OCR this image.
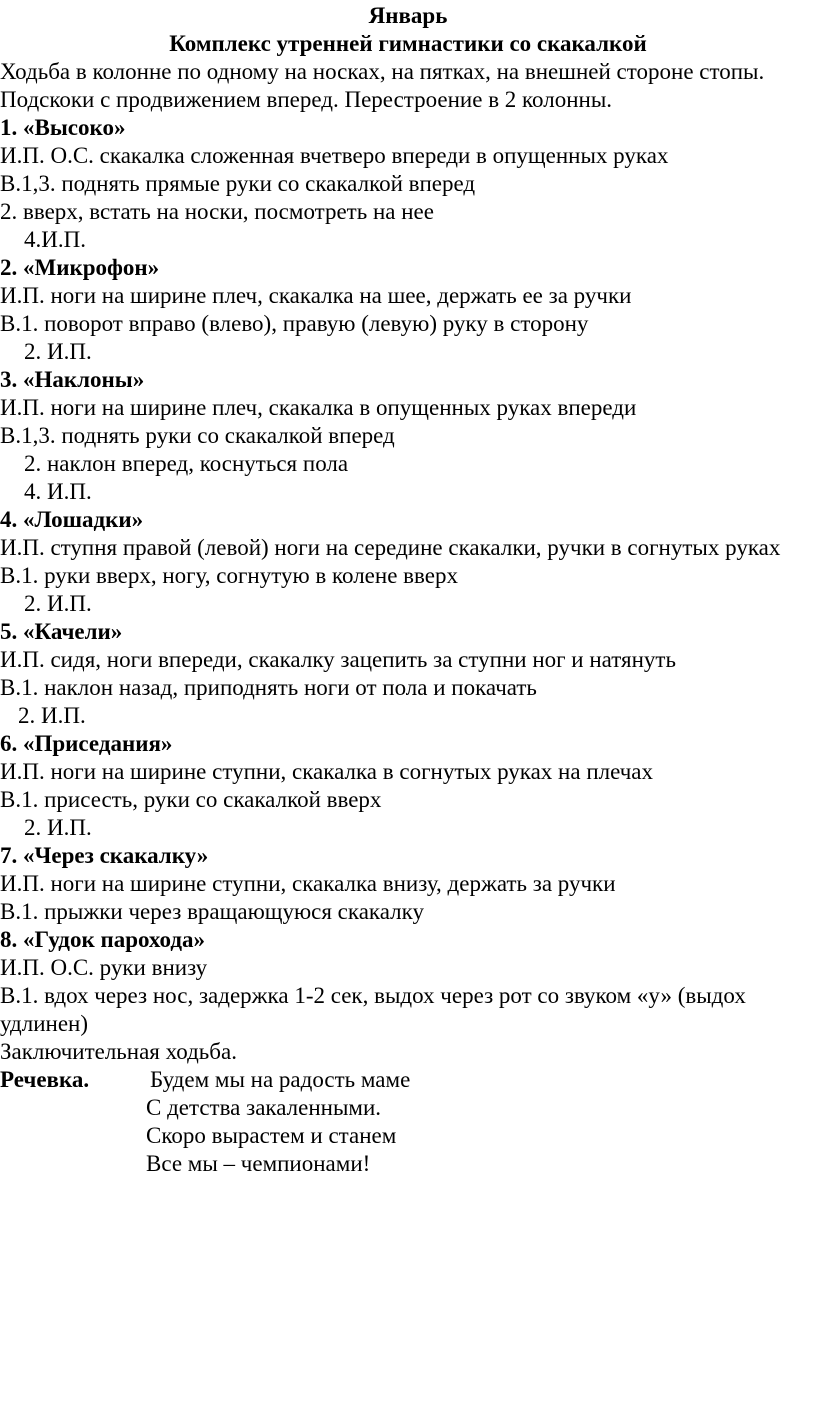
Январь
Комплекс утренней гимнастики со скакалкой
Ходьба в колонне по одному на носках, на пятках, на внешней стороне стопы. Подскоки с продвижением вперед. Перестроение в 2 колонны.
1. «Высоко»
И.П. О.С. скакалка сложенная вчетверо впереди в опущенных руках
В.1,3. поднять прямые руки со скакалкой вперед
2. вверх, встать на носки, посмотреть на нее
4.И.П.
2. «Микрофон»
И.П. ноги на ширине плеч, скакалка на шее, держать ее за ручки
В.1. поворот вправо (влево), правую (левую) руку в сторону
2. И.П.
3. «Наклоны»
И.П. ноги на ширине плеч, скакалка в опущенных руках впереди
В.1,3. поднять руки со скакалкой вперед
2. наклон вперед, коснуться пола
4. И.П.
4. «Лошадки»
И.П. ступня правой (левой) ноги на середине скакалки, ручки в согнутых руках
В.1. руки вверх, ногу, согнутую в колене вверх
2. И.П.
5. «Качели»
И.П. сидя, ноги впереди, скакалку зацепить за ступни ног и натянуть
В.1. наклон назад, приподнять ноги от пола и покачать
2. И.П.
6. «Приседания»
И.П. ноги на ширине ступни, скакалка в согнутых руках на плечах
В.1. присесть, руки со скакалкой вверх
2. И.П.
7. «Через скакалку»
И.П. ноги на ширине ступни, скакалка внизу, держать за ручки
В.1. прыжки через вращающуюся скакалку
8. «Гудок парохода»
И.П. О.С. руки внизу
В.1. вдох через нос, задержка 1-2 сек, выдох через рот со звуком «у» (выдох удлинен)
Заключительная ходьба.
Речевка.	Будем мы на радость маме
С детства закаленными.
Скоро вырастем и станем
Все мы – чемпионами!
